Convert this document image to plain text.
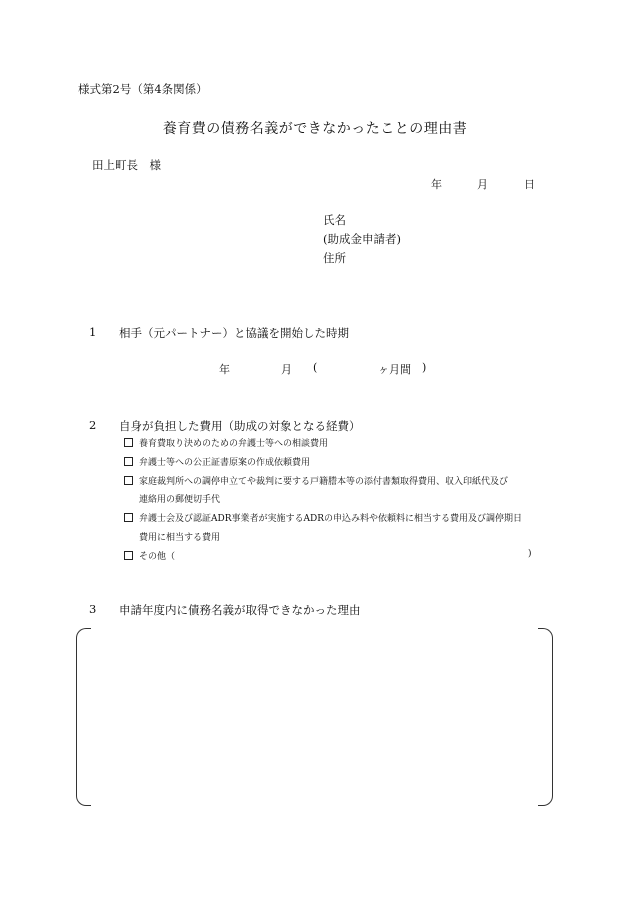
様式第2号（第4条関係）
養育費の債務名義ができなかったことの理由書
田上町長　様
年	月	日
氏名
(助成金申請者)
住所
1 相手（元パートナー）と協議を開始した時期
年	月 (	ヶ月間 )
2 自身が負担した費用（助成の対象となる経費）
養育費取り決めのための弁護士等への相談費用
弁護士等への公正証書原案の作成依頼費用
家庭裁判所への調停申立てや裁判に要する戸籍謄本等の添付書類取得費用、収入印紙代及び
連絡用の郵便切手代
弁護士会及び認証ADR事業者が実施するADRの申込み料や依頼料に相当する費用及び調停期日
費用に相当する費用
その他（	)
3 申請年度内に債務名義が取得できなかった理由
